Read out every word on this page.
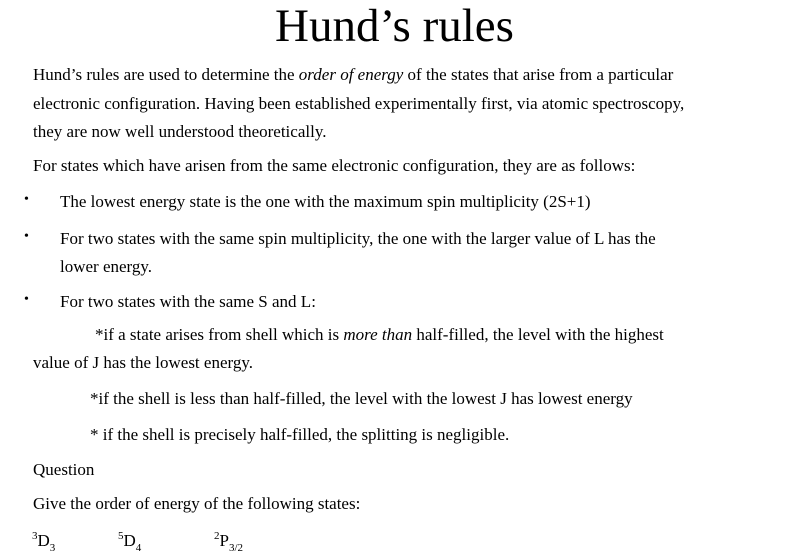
Hund’s rules
Hund’s rules are used to determine the order of energy of the states that arise from a particular
electronic configuration. Having been established experimentally first, via atomic spectroscopy,
they are now well understood theoretically.
For states which have arisen from the same electronic configuration, they are as follows:
• The lowest energy state is the one with the maximum spin multiplicity (2S+1)
• For two states with the same spin multiplicity, the one with the larger value of L has the
lower energy.
• For two states with the same S and L:
*if a state arises from shell which is more than half-filled, the level with the highest
value of J has the lowest energy.
*if the shell is less than half-filled, the level with the lowest J has lowest energy
* if the shell is precisely half-filled, the splitting is negligible.
Question
Give the order of energy of the following states:
$^3D_3$
$^5D_4$
$^2P_{3/2}$
